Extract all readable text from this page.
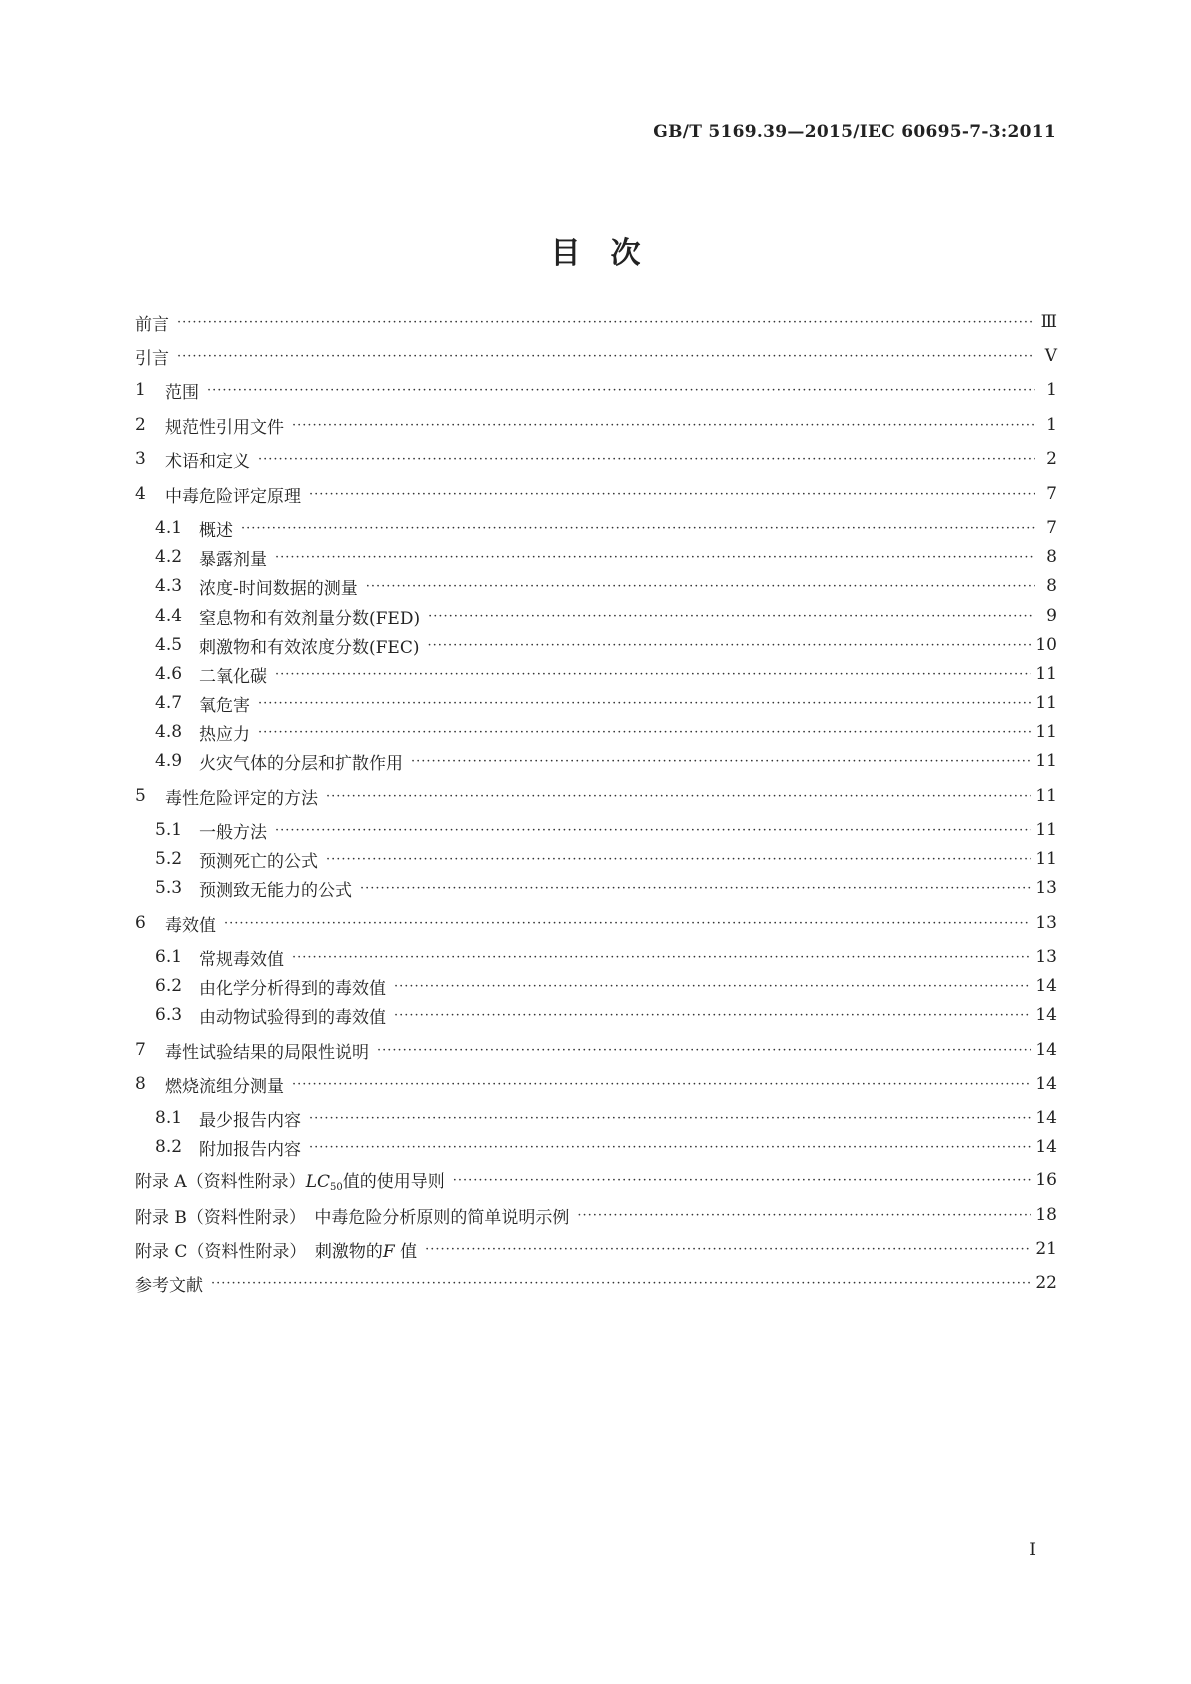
GB/T 5169.39—2015/IEC 60695-7-3:2011
目　次
前言 ·····	Ⅲ
引言 ·····	Ⅴ
1	范围 ·····	1
2	规范性引用文件 ·····	1
3	术语和定义 ·····	2
4	中毒危险评定原理 ·····	7
4.1 概述 ·····	7
4.2 暴露剂量 ·····	8
4.3 浓度-时间数据的测量 ·····	8
4.4 窒息物和有效剂量分数(FED) ·····	9
4.5 刺激物和有效浓度分数(FEC) ·····	10
4.6 二氧化碳 ·····	11
4.7 氧危害 ·····	11
4.8 热应力 ·····	11
4.9 火灾气体的分层和扩散作用 ·····	11
5	毒性危险评定的方法 ·····	11
5.1 一般方法 ·····	11
5.2 预测死亡的公式 ·····	11
5.3 预测致无能力的公式 ·····	13
6	毒效值 ·····	13
6.1 常规毒效值 ·····	13
6.2 由化学分析得到的毒效值 ·····	14
6.3 由动物试验得到的毒效值 ·····	14
7	毒性试验结果的局限性说明 ·····	14
8	燃烧流组分测量 ·····	14
8.1 最少报告内容 ·····	14
8.2 附加报告内容 ·····	14
附录 A（资料性附录）$LC_{50}$值的使用导则 ·····	16
附录 B（资料性附录）　中毒危险分析原则的简单说明示例 ·····	18
附录 C（资料性附录）　刺激物的F 值 ·····	21
参考文献 ·····	22
I
